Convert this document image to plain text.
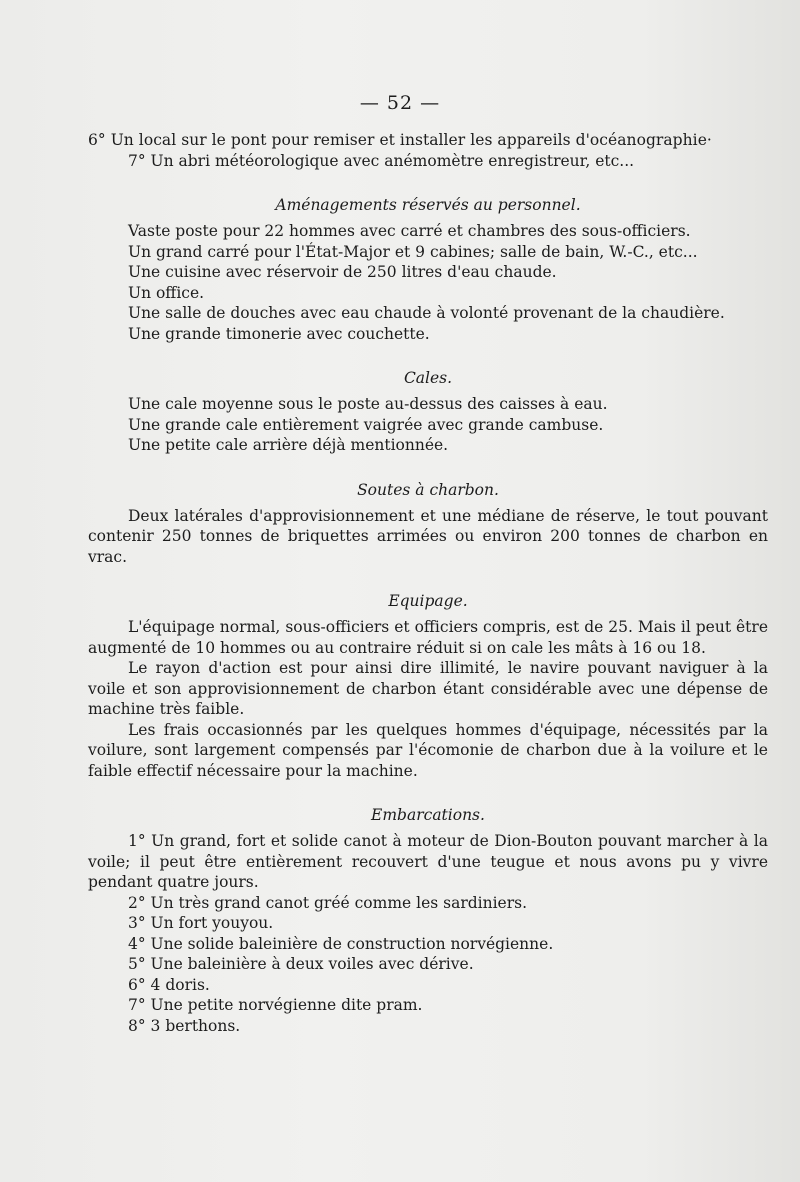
— 52 —

6° Un local sur le pont pour remiser et installer les appareils d'océanographie·

7° Un abri météorologique avec anémomètre enregistreur, etc...

Aménagements réservés au personnel.

Vaste poste pour 22 hommes avec carré et chambres des sous-officiers.

Un grand carré pour l'État-Major et 9 cabines; salle de bain, W.-C., etc...

Une cuisine avec réservoir de 250 litres d'eau chaude.

Un office.

Une salle de douches avec eau chaude à volonté provenant de la chaudière.

Une grande timonerie avec couchette.

Cales.

Une cale moyenne sous le poste au-dessus des caisses à eau.

Une grande cale entièrement vaigrée avec grande cambuse.

Une petite cale arrière déjà mentionnée.

Soutes à charbon.

Deux latérales d'approvisionnement et une médiane de réserve, le tout pouvant contenir 250 tonnes de briquettes arrimées ou environ 200 tonnes de charbon en vrac.

Equipage.

L'équipage normal, sous-officiers et officiers compris, est de 25. Mais il peut être augmenté de 10 hommes ou au contraire réduit si on cale les mâts à 16 ou 18.

Le rayon d'action est pour ainsi dire illimité, le navire pouvant naviguer à la voile et son approvisionnement de charbon étant considérable avec une dépense de machine très faible.

Les frais occasionnés par les quelques hommes d'équipage, nécessités par la voilure, sont largement compensés par l'écomonie de charbon due à la voilure et le faible effectif nécessaire pour la machine.

Embarcations.

1° Un grand, fort et solide canot à moteur de Dion-Bouton pouvant marcher à la voile; il peut être entièrement recouvert d'une teugue et nous avons pu y vivre pendant quatre jours.

2° Un très grand canot gréé comme les sardiniers.

3° Un fort youyou.

4° Une solide baleinière de construction norvégienne.

5° Une baleinière à deux voiles avec dérive.

6° 4 doris.

7° Une petite norvégienne dite pram.

8° 3 berthons.
